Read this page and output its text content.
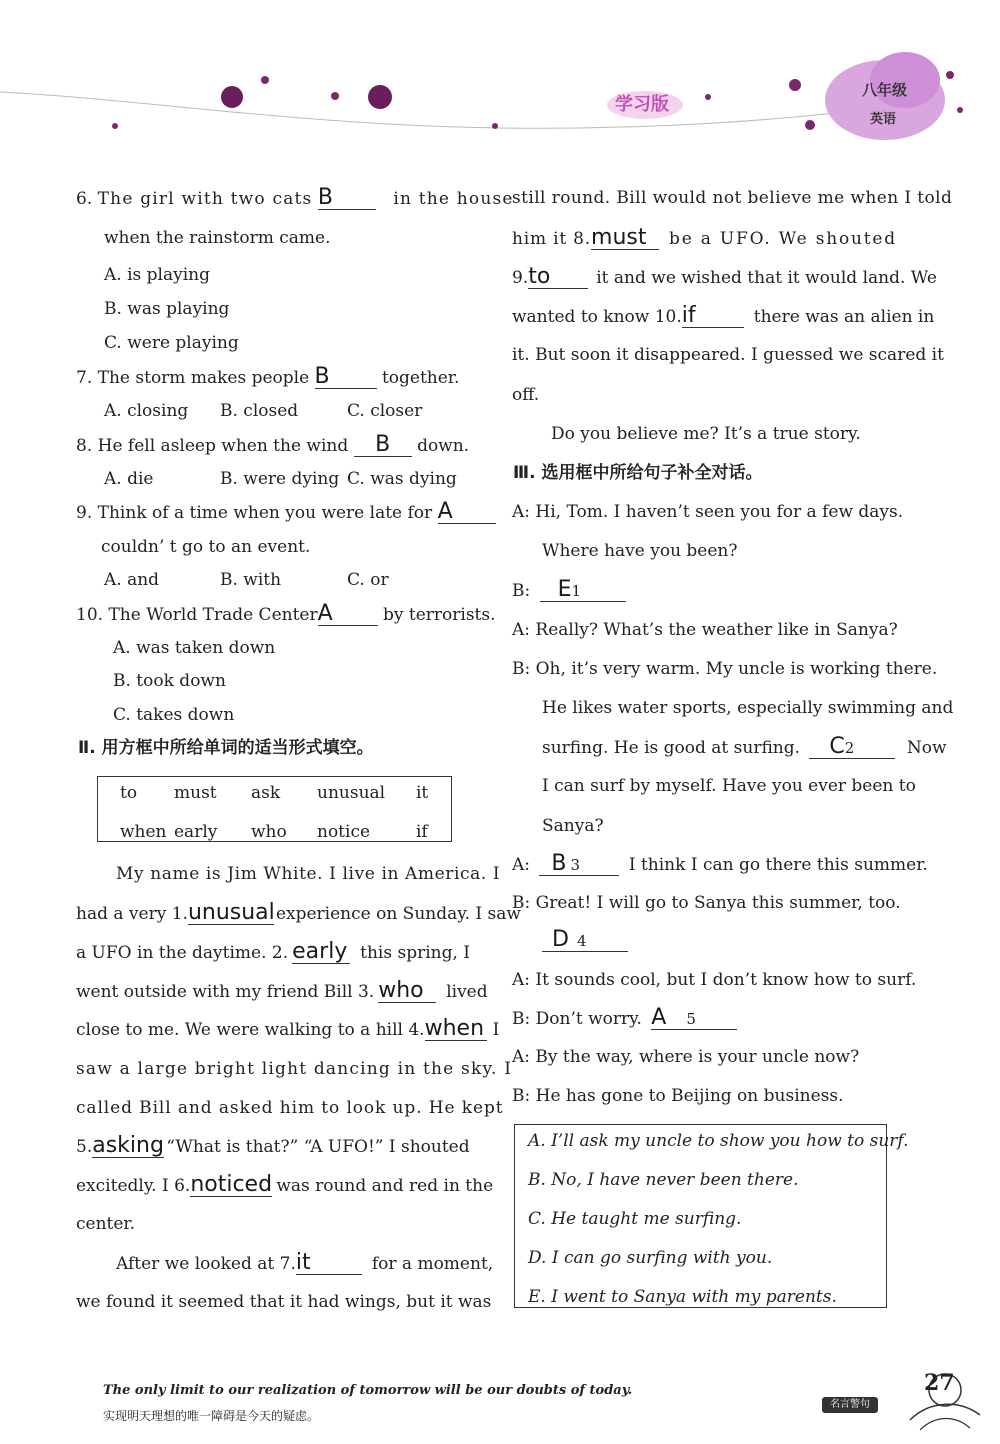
学习版
八年级
英语
6. The girl with two cats B	in the house
when the rainstorm came.
A. is playing
B. was playing
C. were playing
7. The storm makes people B	together.
A. closing B. closed	C. closer
8. He fell asleep when the wind B down.
A. die	B. were dying C. was dying
9. Think of a time when you were late for A
couldn’ t go to an event.
A. and	B. with	C. or
10. The World Trade CenterA	by terrorists.
A. was taken down
B. took down
C. takes down
Ⅱ. 用方框中所给单词的适当形式填空。
to must ask unusual it
when early who notice	if
My name is Jim White. I live in America. I
had a very 1.unusualexperience on Sunday. I saw
a UFO in the daytime. 2. early this spring, I
went outside with my friend Bill 3. who lived
close to me. We were walking to a hill 4.when I
saw a large bright light dancing in the sky. I
called Bill and asked him to look up. He kept
5.asking “What is that?” “A UFO!” I shouted
excitedly. I 6.noticed was round and red in the
center.
After we looked at 7.it	for a moment,
we found it seemed that it had wings, but it was
still round. Bill would not believe me when I told
him it 8.must be a UFO. We shouted
9.to	it and we wished that it would land. We
wanted to know 10.if	there was an alien in
it. But soon it disappeared. I guessed we scared it
off.
Do you believe me? It’s a true story.
Ⅲ. 选用框中所给句子补全对话。
A: Hi, Tom. I haven’t seen you for a few days.
Where have you been?
B: E1
A: Really? What’s the weather like in Sanya?
B: Oh, it’s very warm. My uncle is working there.
He likes water sports, especially swimming and
surfing. He is good at surfing. C2	Now
I can surf by myself. Have you ever been to
Sanya?
A: B 3	I think I can go there this summer.
B: Great! I will go to Sanya this summer, too.
D 4
A: It sounds cool, but I don’t know how to surf.
B: Don’t worry. A 5
A: By the way, where is your uncle now?
B: He has gone to Beijing on business.
A. I’ll ask my uncle to show you how to surf.
B. No, I have never been there.
C. He taught me surfing.
D. I can go surfing with you.
E. I went to Sanya with my parents.
The only limit to our realization of tomorrow will be our doubts of today.
实现明天理想的唯一障碍是今天的疑虑。
名言警句
27
